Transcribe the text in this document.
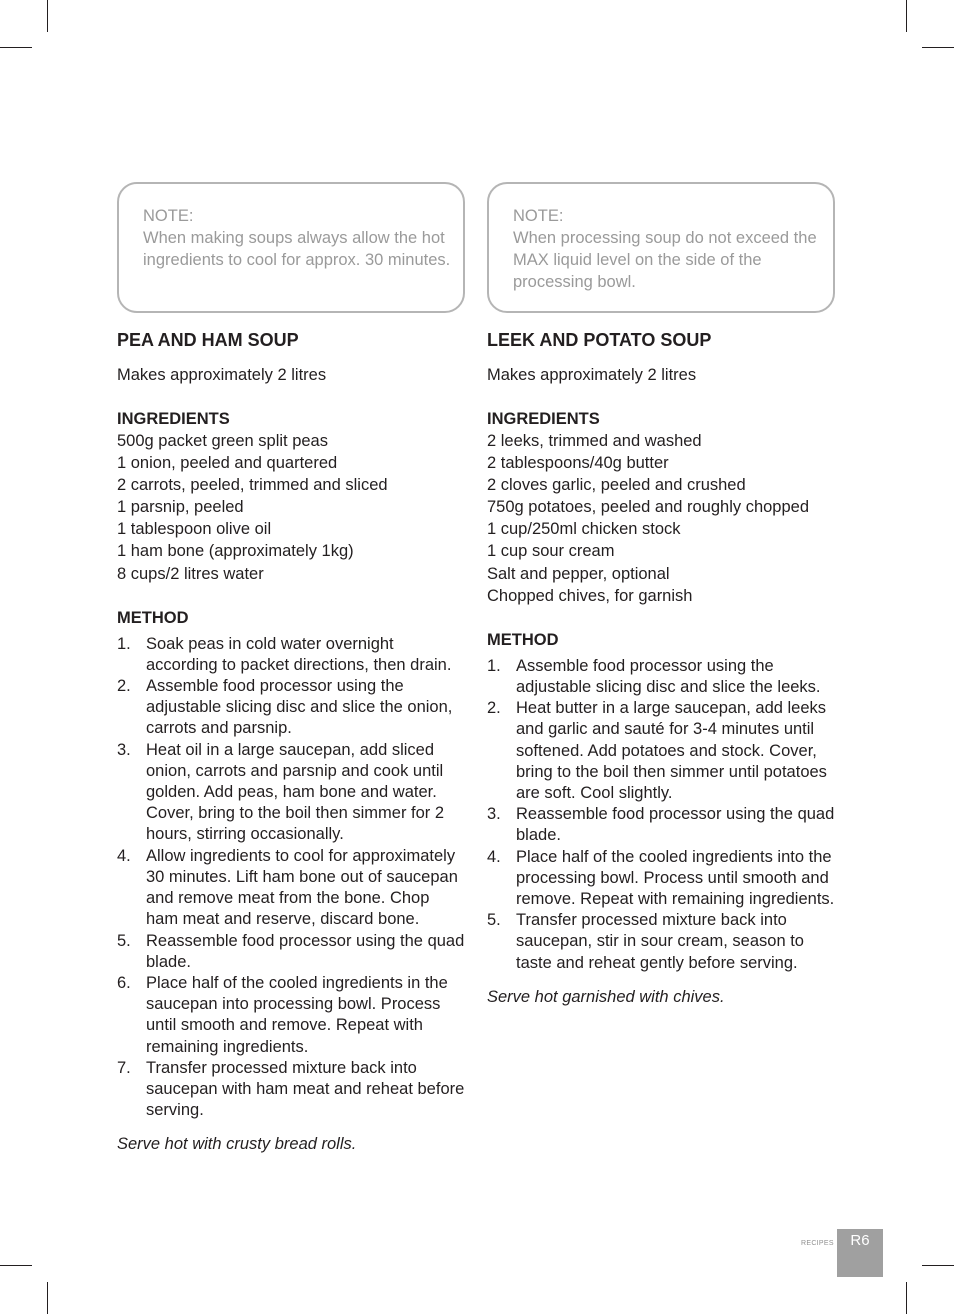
NOTE:
When making soups always allow the hot ingredients to cool for approx. 30 minutes.
PEA AND HAM SOUP
Makes approximately 2 litres
INGREDIENTS
500g packet green split peas
1 onion, peeled and quartered
2 carrots, peeled, trimmed and sliced
1 parsnip, peeled
1 tablespoon olive oil
1 ham bone (approximately 1kg)
8 cups/2 litres water
METHOD
1. Soak peas in cold water overnight according to packet directions, then drain.
2. Assemble food processor using the adjustable slicing disc and slice the onion, carrots and parsnip.
3. Heat oil in a large saucepan, add sliced onion, carrots and parsnip and cook until golden. Add peas, ham bone and water. Cover, bring to the boil then simmer for 2 hours, stirring occasionally.
4. Allow ingredients to cool for approximately 30 minutes. Lift ham bone out of saucepan and remove meat from the bone. Chop ham meat and reserve, discard bone.
5. Reassemble food processor using the quad blade.
6. Place half of the cooled ingredients in the saucepan into processing bowl. Process until smooth and remove. Repeat with remaining ingredients.
7. Transfer processed mixture back into saucepan with ham meat and reheat before serving.
Serve hot with crusty bread rolls.
NOTE:
When processing soup do not exceed the MAX liquid level on the side of the processing bowl.
LEEK AND POTATO SOUP
Makes approximately 2 litres
INGREDIENTS
2 leeks, trimmed and washed
2 tablespoons/40g butter
2 cloves garlic, peeled and crushed
750g potatoes, peeled and roughly chopped
1 cup/250ml chicken stock
1 cup sour cream
Salt and pepper, optional
Chopped chives, for garnish
METHOD
1. Assemble food processor using the adjustable slicing disc and slice the leeks.
2. Heat butter in a large saucepan, add leeks and garlic and sauté for 3-4 minutes until softened. Add potatoes and stock. Cover, bring to the boil then simmer until potatoes are soft. Cool slightly.
3. Reassemble food processor using the quad blade.
4. Place half of the cooled ingredients into the processing bowl. Process until smooth and remove. Repeat with remaining ingredients.
5. Transfer processed mixture back into saucepan, stir in sour cream, season to taste and reheat gently before serving.
Serve hot garnished with chives.
RECIPES	R6
